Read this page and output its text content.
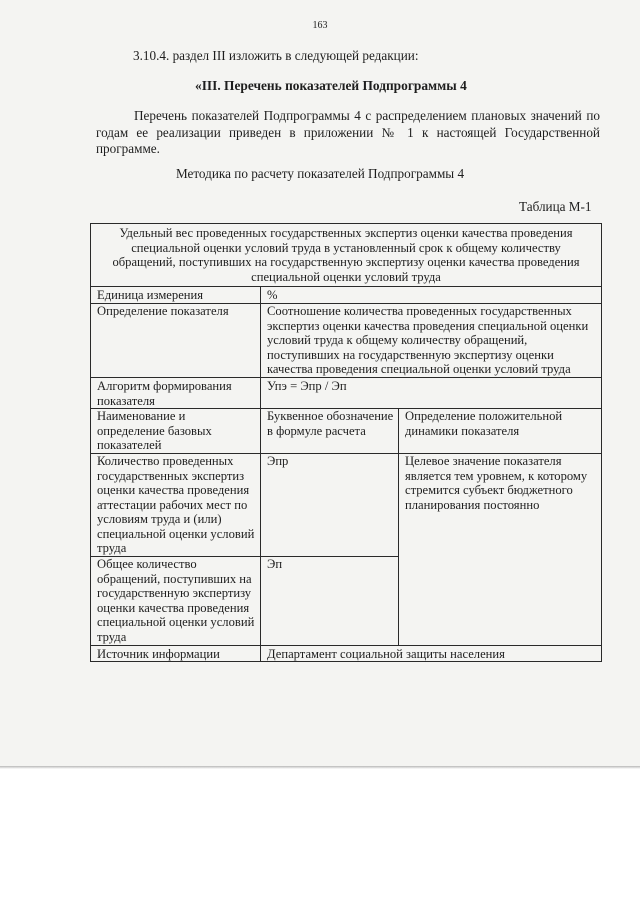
163

3.10.4. раздел III изложить в следующей редакции:

«III. Перечень показателей Подпрограммы 4

Перечень показателей Подпрограммы 4 с распределением плановых значений по годам ее реализации приведен в приложении № 1 к настоящей Государственной программе.

Методика по расчету показателей Подпрограммы 4

Таблица М-1

Удельный вес проведенных государственных экспертиз оценки качества проведения специальной оценки условий труда в установленный срок к общему количеству обращений, поступивших на государственную экспертизу оценки качества проведения специальной оценки условий труда		
Единица измерения	%	
Определение показателя	Соотношение количества проведенных государственных экспертиз оценки качества проведения специальной оценки условий труда к общему количеству обращений, поступивших на государственную экспертизу оценки качества проведения специальной оценки условий труда	
Алгоритм формирования показателя	Упэ = Эпр / Эп	
Наименование и определение базовых показателей	Буквенное обозначение в формуле расчета	Определение положительной динамики показателя
Количество проведенных государственных экспертиз оценки качества проведения аттестации рабочих мест по условиям труда и (или) специальной оценки условий труда	Эпр	Целевое значение показателя является тем уровнем, к которому стремится субъект бюджетного планирования постоянно
Общее количество обращений, поступивших на государственную экспертизу оценки качества проведения специальной оценки условий труда	Эп	
Источник информации	Департамент социальной защиты населения	
